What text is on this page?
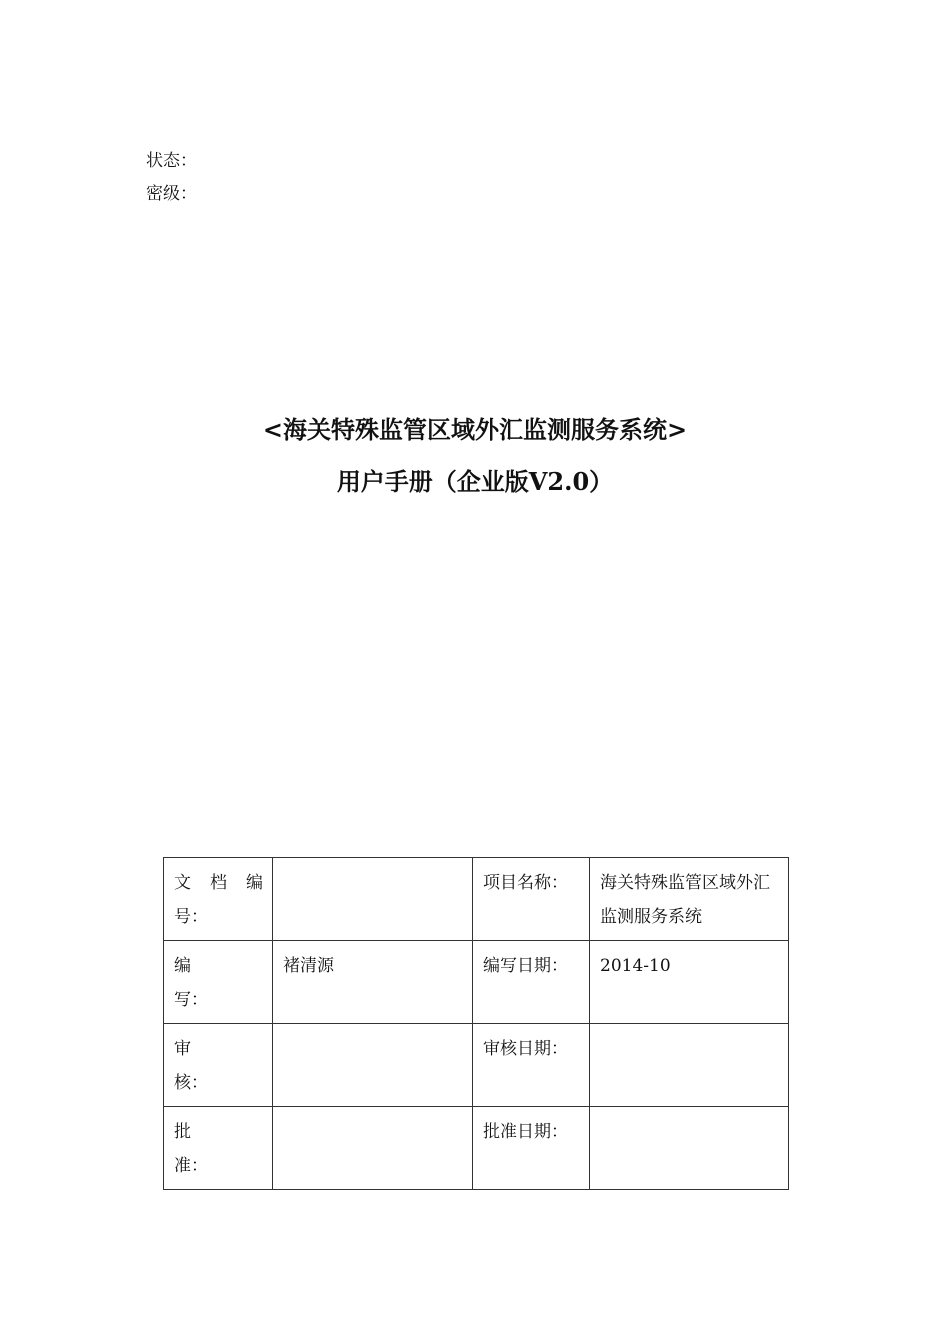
状态：
密级：
<海关特殊监管区域外汇监测服务系统>
用户手册（企业版V2.0）
文 档 编
号：		项目名称：	海关特殊监管区域外汇监测服务系统

编写：	褚清源	编写日期：	2014-10

审核：		审核日期：	

批准：		批准日期：	
